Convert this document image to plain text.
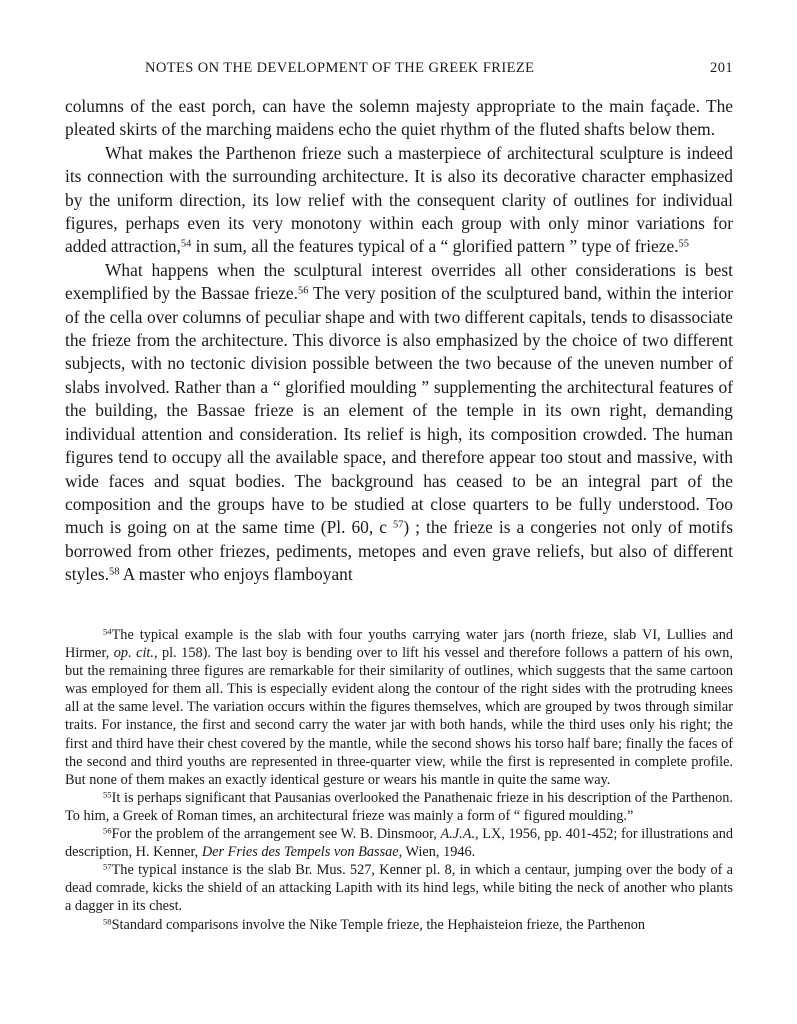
NOTES ON THE DEVELOPMENT OF THE GREEK FRIEZE	201

columns of the east porch, can have the solemn majesty appropriate to the main façade. The pleated skirts of the marching maidens echo the quiet rhythm of the fluted shafts below them.

What makes the Parthenon frieze such a masterpiece of architectural sculpture is indeed its connection with the surrounding architecture. It is also its decorative character emphasized by the uniform direction, its low relief with the consequent clarity of outlines for individual figures, perhaps even its very monotony within each group with only minor variations for added attraction,$^{54}$ in sum, all the features typical of a “ glorified pattern ” type of frieze.$^{55}$

What happens when the sculptural interest overrides all other considerations is best exemplified by the Bassae frieze.$^{56}$ The very position of the sculptured band, within the interior of the cella over columns of peculiar shape and with two different capitals, tends to disassociate the frieze from the architecture. This divorce is also emphasized by the choice of two different subjects, with no tectonic division possible between the two because of the uneven number of slabs involved. Rather than a “ glorified moulding ” supplementing the architectural features of the building, the Bassae frieze is an element of the temple in its own right, demanding individual attention and consideration. Its relief is high, its composition crowded. The human figures tend to occupy all the available space, and therefore appear too stout and massive, with wide faces and squat bodies. The background has ceased to be an integral part of the composition and the groups have to be studied at close quarters to be fully understood. Too much is going on at the same time (Pl. 60, c $^{57}$) ; the frieze is a congeries not only of motifs borrowed from other friezes, pediments, metopes and even grave reliefs, but also of different styles.$^{58}$ A master who enjoys flamboyant

$^{54}$The typical example is the slab with four youths carrying water jars (north frieze, slab VI, Lullies and Hirmer, op. cit., pl. 158). The last boy is bending over to lift his vessel and therefore follows a pattern of his own, but the remaining three figures are remarkable for their similarity of outlines, which suggests that the same cartoon was employed for them all. This is especially evident along the contour of the right sides with the protruding knees all at the same level. The variation occurs within the figures themselves, which are grouped by twos through similar traits. For instance, the first and second carry the water jar with both hands, while the third uses only his right; the first and third have their chest covered by the mantle, while the second shows his torso half bare; finally the faces of the second and third youths are represented in three-quarter view, while the first is represented in complete profile. But none of them makes an exactly identical gesture or wears his mantle in quite the same way.

$^{55}$It is perhaps significant that Pausanias overlooked the Panathenaic frieze in his description of the Parthenon. To him, a Greek of Roman times, an architectural frieze was mainly a form of “ figured moulding.”

$^{56}$For the problem of the arrangement see W. B. Dinsmoor, A.J.A., LX, 1956, pp. 401-452; for illustrations and description, H. Kenner, Der Fries des Tempels von Bassae, Wien, 1946.

$^{57}$The typical instance is the slab Br. Mus. 527, Kenner pl. 8, in which a centaur, jumping over the body of a dead comrade, kicks the shield of an attacking Lapith with its hind legs, while biting the neck of another who plants a dagger in its chest.

$^{58}$Standard comparisons involve the Nike Temple frieze, the Hephaisteion frieze, the Parthenon
